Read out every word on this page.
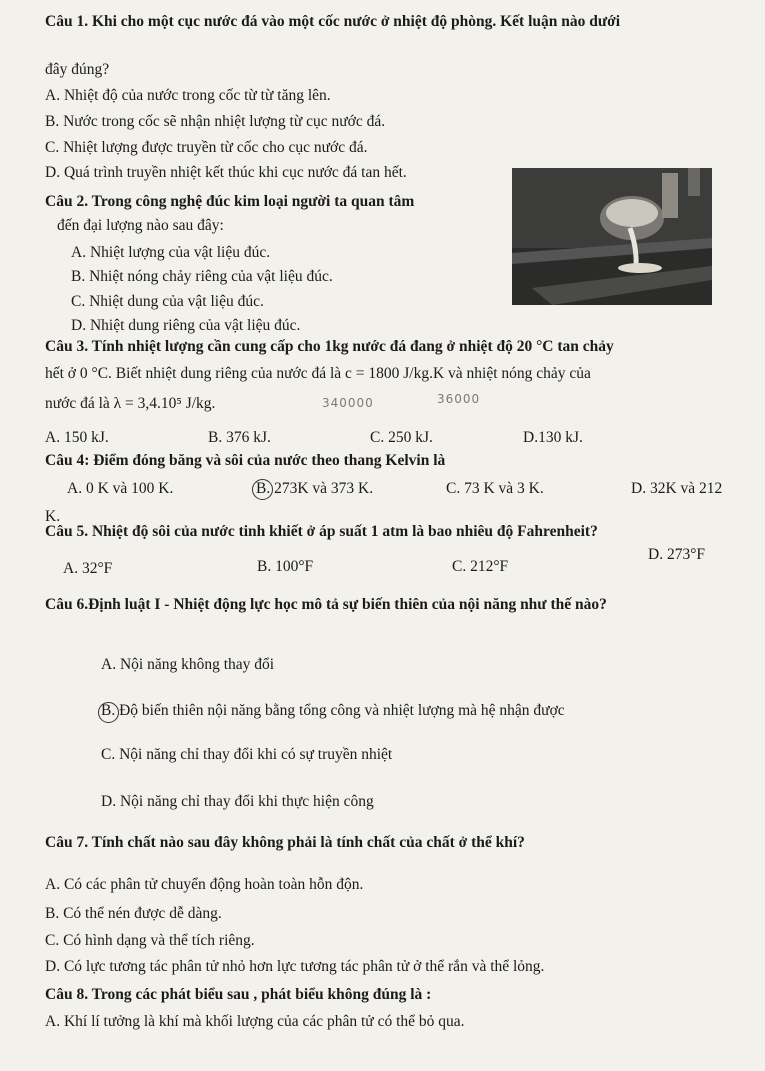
Câu 1. Khi cho một cục nước đá vào một cốc nước ở nhiệt độ phòng. Kết luận nào dưới
đây đúng?
A. Nhiệt độ của nước trong cốc từ từ tăng lên.
B. Nước trong cốc sẽ nhận nhiệt lượng từ cục nước đá.
C. Nhiệt lượng được truyền từ cốc cho cục nước đá.
D. Quá trình truyền nhiệt kết thúc khi cục nước đá tan hết.
Câu 2. Trong công nghệ đúc kim loại người ta quan tâm
đến đại lượng nào sau đây:
A. Nhiệt lượng của vật liệu đúc.
B. Nhiệt nóng chảy riêng của vật liệu đúc.
C. Nhiệt dung của vật liệu đúc.
D. Nhiệt dung riêng của vật liệu đúc.
Câu 3. Tính nhiệt lượng cần cung cấp cho 1kg nước đá đang ở nhiệt độ 20 °C tan chảy
hết ở 0 °C. Biết nhiệt dung riêng của nước đá là c = 1800 J/kg.K và nhiệt nóng chảy của
nước đá là λ = 3,4.10⁵ J/kg.	340000	36000
A. 150 kJ.	B. 376 kJ.	C. 250 kJ.	D.130 kJ.
Câu 4: Điểm đóng băng và sôi của nước theo thang Kelvin là
A. 0 K và 100 K.	B. 273K và 373 K.	C. 73 K và 3 K.	D. 32K và 212
K.
Câu 5. Nhiệt độ sôi của nước tinh khiết ở áp suất 1 atm là bao nhiêu độ Fahrenheit?
A. 32°F	B. 100°F	C. 212°F
D. 273°F
Câu 6.Định luật I - Nhiệt động lực học mô tả sự biến thiên của nội năng như thế nào?
A. Nội năng không thay đổi
B. Độ biến thiên nội năng bằng tổng công và nhiệt lượng mà hệ nhận được
C. Nội năng chỉ thay đổi khi có sự truyền nhiệt
D. Nội năng chỉ thay đổi khi thực hiện công
Câu 7. Tính chất nào sau đây không phải là tính chất của chất ở thể khí?
A. Có các phân tử chuyển động hoàn toàn hỗn độn.
B. Có thể nén được dễ dàng.
C. Có hình dạng và thể tích riêng.
D. Có lực tương tác phân tử nhỏ hơn lực tương tác phân tử ở thể rắn và thể lỏng.
Câu 8. Trong các phát biểu sau , phát biểu không đúng là :
A. Khí lí tưởng là khí mà khối lượng của các phân tử có thể bỏ qua.
